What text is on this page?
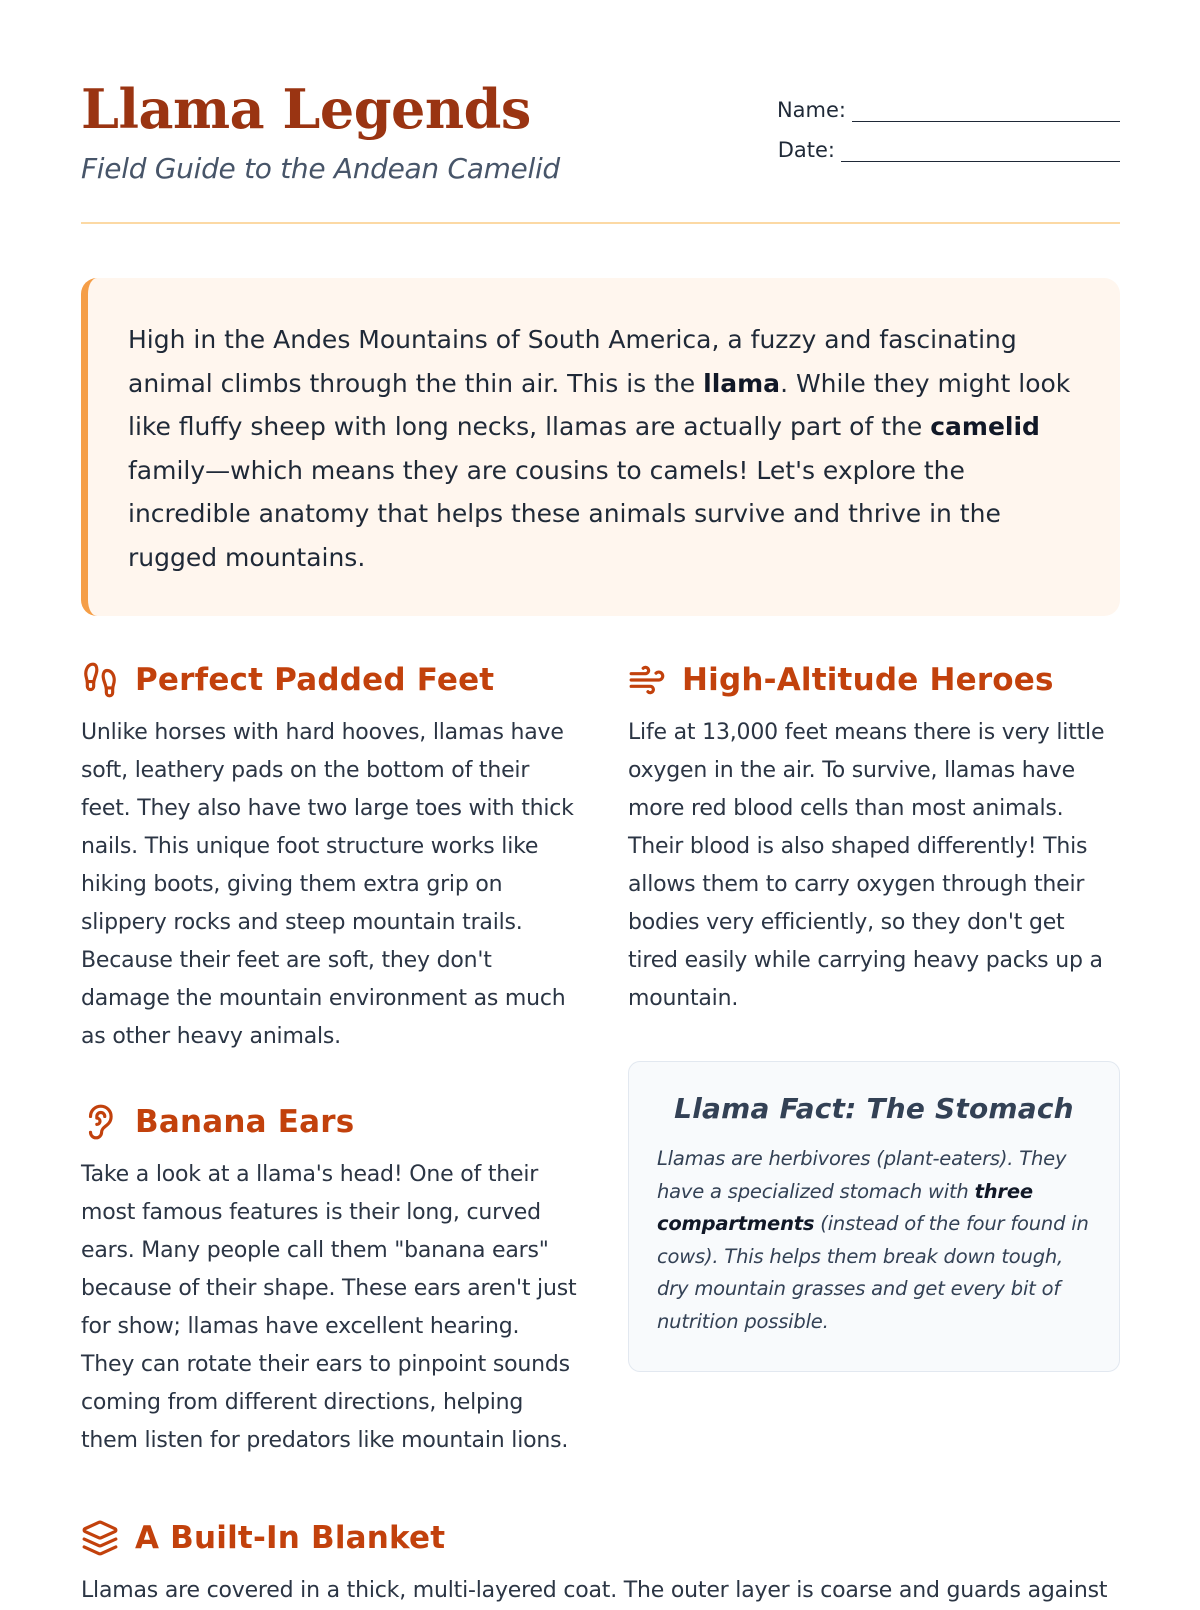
Llama Legends

Field Guide to the Andean Camelid

Name:
Date:
High in the Andes Mountains of South America, a fuzzy and fascinating animal climbs through the thin air. This is the llama. While they might look like fluffy sheep with long necks, llamas are actually part of the camelid family—which means they are cousins to camels! Let's explore the incredible anatomy that helps these animals survive and thrive in the rugged mountains.
Perfect Padded Feet

Unlike horses with hard hooves, llamas have soft, leathery pads on the bottom of their feet. They also have two large toes with thick nails. This unique foot structure works like hiking boots, giving them extra grip on slippery rocks and steep mountain trails. Because their feet are soft, they don't damage the mountain environment as much as other heavy animals.

High-Altitude Heroes

Life at 13,000 feet means there is very little oxygen in the air. To survive, llamas have more red blood cells than most animals. Their blood is also shaped differently! This allows them to carry oxygen through their bodies very efficiently, so they don't get tired easily while carrying heavy packs up a mountain.

Banana Ears

Take a look at a llama's head! One of their most famous features is their long, curved ears. Many people call them "banana ears" because of their shape. These ears aren't just for show; llamas have excellent hearing. They can rotate their ears to pinpoint sounds coming from different directions, helping them listen for predators like mountain lions.

Llama Fact: The Stomach

Llamas are herbivores (plant-eaters). They have a specialized stomach with three compartments (instead of the four found in cows). This helps them break down tough, dry mountain grasses and get every bit of nutrition possible.

A Built-In Blanket

Llamas are covered in a thick, multi-layered coat. The outer layer is coarse and guards against
